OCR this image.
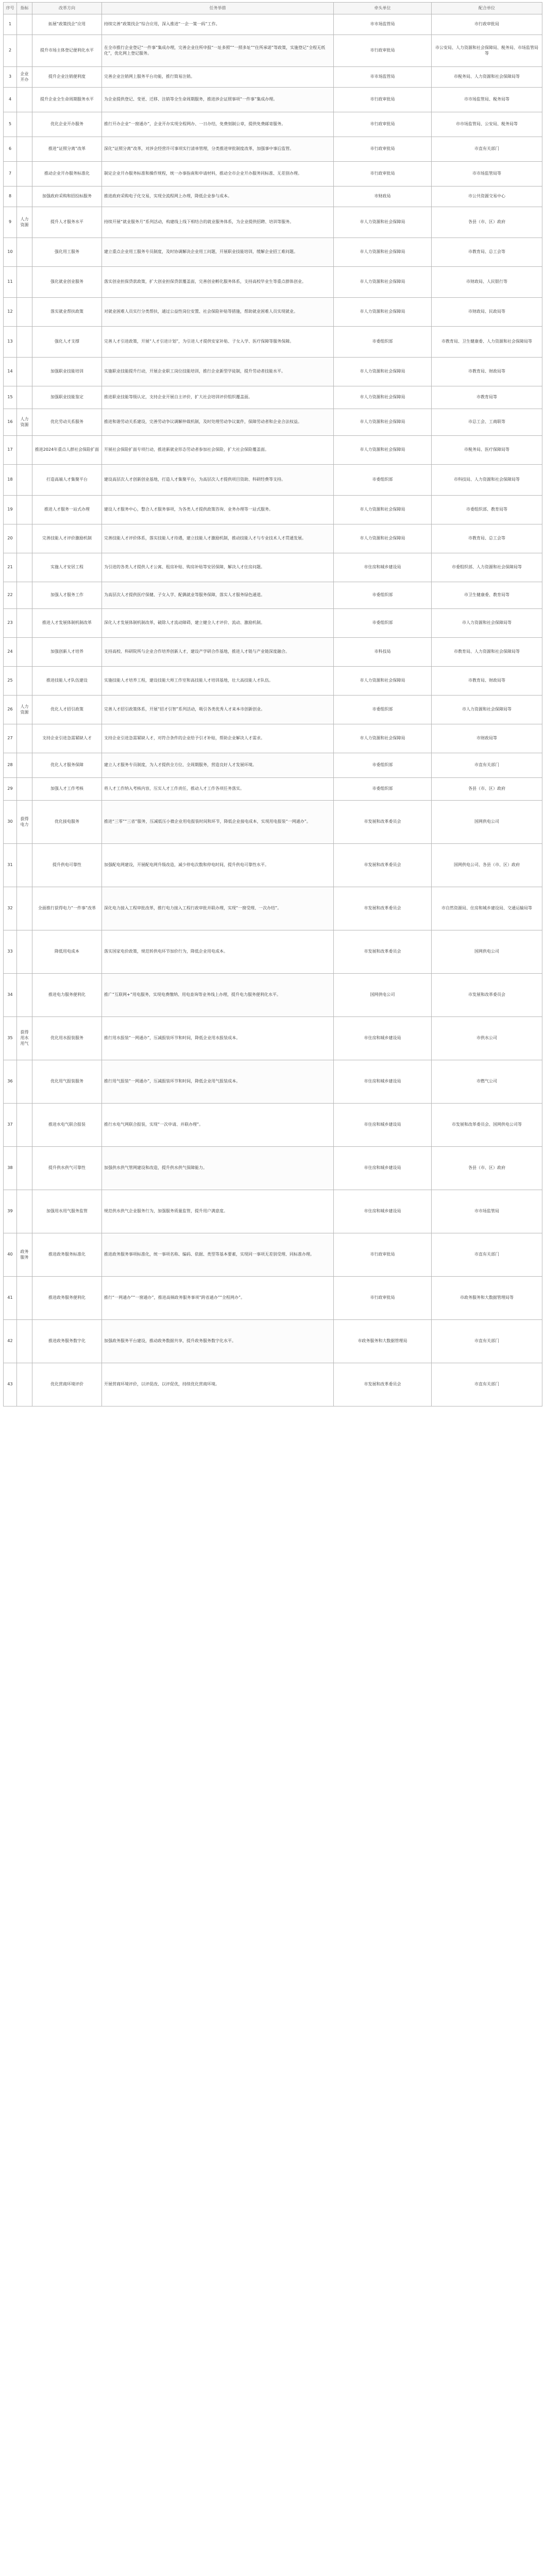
序号	指标	改革方向	任务举措	牵头单位	配合单位
1		拓展“政策找企”应用	持续完善“政策找企”综合应用，深入推进“一企一策一码”工作。	市市场监管局	市行政审批局
2		提升市场主体登记便利化水平	在全市推行企业登记“一件事”集成办理，完善企业住所申报“一址多照”“一照多址”“住所承诺”等政策，实施登记“全程无纸化”，优化网上登记服务。	市行政审批局	市公安局、人力资源和社会保障局、税务局、市场监管局等
3	企业开办	提升企业注销便利度	完善企业注销网上服务平台功能，推行简易注销。	市市场监管局	市税务局、人力资源和社会保障局等
4		提升企业全生命周期服务水平	为企业提供登记、变更、迁移、注销等全生命周期服务，推进涉企证照事项“一件事”集成办理。	市行政审批局	市市场监管局、税务局等
5		优化企业开办服务	推行开办企业“一窗通办”，企业开办实现全程网办、一日办结，免费刻制公章，提供免费邮寄服务。	市行政审批局	市市场监管局、公安局、税务局等
6		推进“证照分离”改革	深化“证照分离”改革，对涉企经营许可事项实行清单管理，分类推进审批制度改革，加强事中事后监管。	市行政审批局	市直有关部门
7		推动企业开办服务标准化	制定企业开办服务标准和操作规程，统一办事指南和申请材料，推动全市企业开办服务同标准、无差别办理。	市行政审批局	市市场监管局等
8		加强政府采购和招投标服务	推进政府采购电子化交易，实现全流程网上办理，降低企业参与成本。	市财政局	市公共资源交易中心
9	人力资源	提升人才服务水平	持续开展“就业服务月”系列活动，构建线上线下相结合的就业服务体系，为企业提供招聘、培训等服务。	市人力资源和社会保障局	各县（市、区）政府
10		强化用工服务	建立重点企业用工服务专员制度，及时协调解决企业用工问题，开展职业技能培训，缓解企业招工难问题。	市人力资源和社会保障局	市教育局、总工会等
11		强化就业创业服务	落实创业担保贷款政策，扩大创业担保贷款覆盖面，完善创业孵化服务体系，支持高校毕业生等重点群体创业。	市人力资源和社会保障局	市财政局、人民银行等
12		落实就业帮扶政策	对就业困难人员实行分类帮扶，通过公益性岗位安置、社会保险补贴等措施，帮助就业困难人员实现就业。	市人力资源和社会保障局	市财政局、民政局等
13		强化人才支撑	完善人才引进政策，开展“人才引进计划”，为引进人才提供安家补贴、子女入学、医疗保障等服务保障。	市委组织部	市教育局、卫生健康委、人力资源和社会保障局等
14		加强职业技能培训	实施职业技能提升行动，开展企业职工岗位技能培训，推行企业新型学徒制，提升劳动者技能水平。	市人力资源和社会保障局	市教育局、财政局等
15		加强职业技能鉴定	推进职业技能等级认定，支持企业开展自主评价，扩大社会培训评价组织覆盖面。	市人力资源和社会保障局	市教育局等
16	人力资源	优化劳动关系服务	推进和谐劳动关系建设，完善劳动争议调解仲裁机制，及时处理劳动争议案件，保障劳动者和企业合法权益。	市人力资源和社会保障局	市总工会、工商联等
17		推进2024年重点人群社会保险扩面	开展社会保险扩面专项行动，推进新就业形态劳动者参加社会保险，扩大社会保险覆盖面。	市人力资源和社会保障局	市税务局、医疗保障局等
18		打造高端人才集聚平台	建设高层次人才创新创业基地，打造人才集聚平台，为高层次人才提供项目资助、科研经费等支持。	市委组织部	市科技局、人力资源和社会保障局等
19		推进人才服务一站式办理	建设人才服务中心，整合人才服务事项，为各类人才提供政策咨询、业务办理等一站式服务。	市人力资源和社会保障局	市委组织部、教育局等
20		完善技能人才评价激励机制	完善技能人才评价体系，落实技能人才待遇，建立技能人才激励机制，推动技能人才与专业技术人才贯通发展。	市人力资源和社会保障局	市教育局、总工会等
21		实施人才安居工程	为引进的各类人才提供人才公寓、租房补贴、购房补贴等安居保障，解决人才住房问题。	市住房和城乡建设局	市委组织部、人力资源和社会保障局等
22		加强人才服务工作	为高层次人才提供医疗保健、子女入学、配偶就业等服务保障，落实人才服务绿色通道。	市委组织部	市卫生健康委、教育局等
23		推进人才发展体制机制改革	深化人才发展体制机制改革，破除人才流动障碍，建立健全人才评价、流动、激励机制。	市委组织部	市人力资源和社会保障局等
24		加强创新人才培养	支持高校、科研院所与企业合作培养创新人才，建设产学研合作基地，推进人才链与产业链深度融合。	市科技局	市教育局、人力资源和社会保障局等
25		推进技能人才队伍建设	实施技能人才培养工程，建设技能大师工作室和高技能人才培训基地，壮大高技能人才队伍。	市人力资源和社会保障局	市教育局、财政局等
26	人力资源	优化人才招引政策	完善人才招引政策体系，开展“招才引智”系列活动，吸引各类优秀人才来本市创新创业。	市委组织部	市人力资源和社会保障局等
27		支持企业引进急需紧缺人才	支持企业引进急需紧缺人才，对符合条件的企业给予引才补贴，帮助企业解决人才需求。	市人力资源和社会保障局	市财政局等
28		优化人才服务保障	建立人才服务专员制度，为人才提供全方位、全周期服务，营造良好人才发展环境。	市委组织部	市直有关部门
29		加强人才工作考核	将人才工作纳入考核内容，压实人才工作责任，推动人才工作各项任务落实。	市委组织部	各县（市、区）政府
30	获得电力	优化接电服务	推进“三零”“三省”服务，压减低压小微企业用电报装时间和环节，降低企业接电成本，实现用电报装“一网通办”。	市发展和改革委员会	国网供电公司
31		提升供电可靠性	加强配电网建设，开展配电网升级改造，减少停电次数和停电时间，提升供电可靠性水平。	市发展和改革委员会	国网供电公司、各县（市、区）政府
32		全面推行获得电力“一件事”改革	深化电力接入工程审批改革，推行电力接入工程行政审批并联办理，实现“一窗受理、一次办结”。	市发展和改革委员会	市自然资源局、住房和城乡建设局、交通运输局等
33		降低用电成本	落实国家电价政策，规范转供电环节加价行为，降低企业用电成本。	市发展和改革委员会	国网供电公司
34		推进电力服务便利化	推广“互联网+”用电服务，实现电费缴纳、用电查询等业务线上办理，提升电力服务便利化水平。	国网供电公司	市发展和改革委员会
35	获得用水用气	优化用水报装服务	推行用水报装“一网通办”，压减报装环节和时间，降低企业用水报装成本。	市住房和城乡建设局	市供水公司
36		优化用气报装服务	推行用气报装“一网通办”，压减报装环节和时间，降低企业用气报装成本。	市住房和城乡建设局	市燃气公司
37		推进水电气联合报装	推行水电气网联合报装，实现“一次申请、并联办理”。	市住房和城乡建设局	市发展和改革委员会、国网供电公司等
38		提升供水供气可靠性	加强供水供气管网建设和改造，提升供水供气保障能力。	市住房和城乡建设局	各县（市、区）政府
39		加强用水用气服务监管	规范供水供气企业服务行为，加强服务质量监管，提升用户满意度。	市住房和城乡建设局	市市场监管局
40	政务服务	推进政务服务标准化	推进政务服务事项标准化，统一事项名称、编码、依据、类型等基本要素，实现同一事项无差别受理、同标准办理。	市行政审批局	市直有关部门
41		推进政务服务便利化	推行“一网通办”“一窗通办”，推进高频政务服务事项“跨省通办”“全程网办”。	市行政审批局	市政务服务和大数据管理局等
42		推进政务服务数字化	加强政务服务平台建设，推动政务数据共享，提升政务服务数字化水平。	市政务服务和大数据管理局	市直有关部门
43		优化营商环境评价	开展营商环境评价，以评促改、以评促优，持续优化营商环境。	市发展和改革委员会	市直有关部门
